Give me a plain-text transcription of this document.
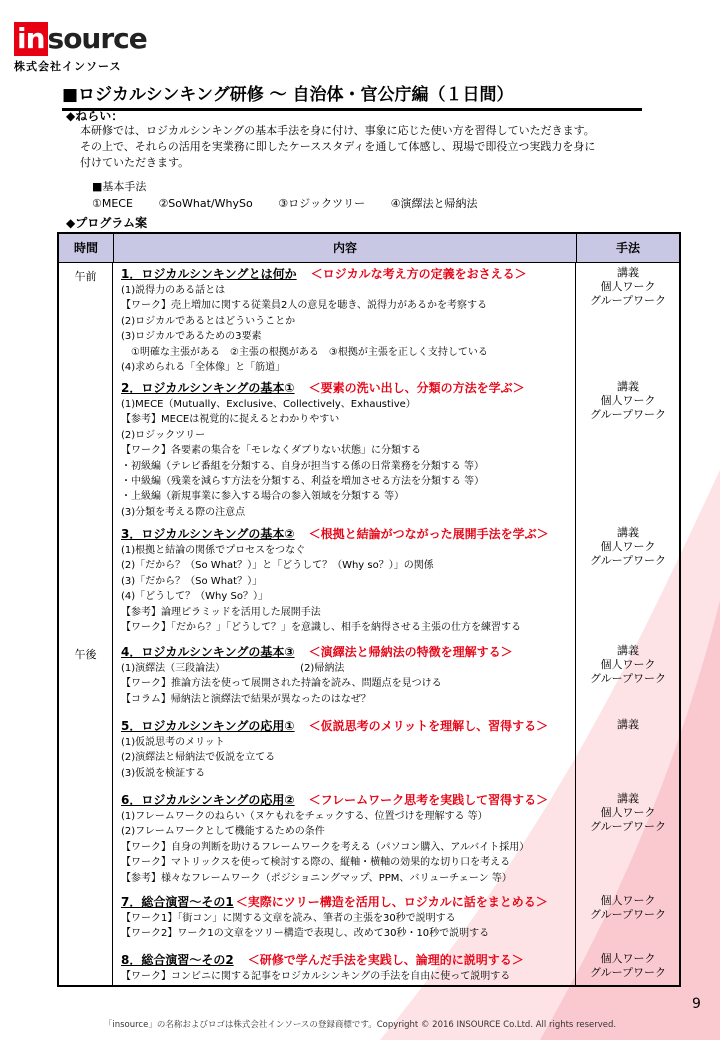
in source
株式会社インソース
■ロジカルシンキング研修 ～ 自治体・官公庁編（１日間）
◆ねらい：
本研修では、ロジカルシンキングの基本手法を身に付け、事象に応じた使い方を習得していただきます。
その上で、それらの活用を実業務に即したケーススタディを通して体感し、現場で即役立つ実践力を身に
付けていただきます。
■基本手法
①MECE ②SoWhat/WhySo ③ロジックツリー ④演繹法と帰納法
◆プログラム案
時間	内容	手法
午前
午後
1．ロジカルシンキングとは何か ＜ロジカルな考え方の定義をおさえる＞
(1)説得力のある話とは
【ワーク】売上増加に関する従業員2人の意見を聴き、説得力があるかを考察する
(2)ロジカルであるとはどういうことか
(3)ロジカルであるための3要素
　①明確な主張がある　②主張の根拠がある　③根拠が主張を正しく支持している
(4)求められる「全体像」と「筋道」
講義
個人ワーク
グループワーク
2．ロジカルシンキングの基本① ＜要素の洗い出し、分類の方法を学ぶ＞
(1)MECE（Mutually、Exclusive、Collectively、Exhaustive）
【参考】MECEは視覚的に捉えるとわかりやすい
(2)ロジックツリー
【ワーク】各要素の集合を「モレなくダブりない状態」に分類する
・初級編（テレビ番組を分類する、自身が担当する係の日常業務を分類する 等）
・中級編（残業を減らす方法を分類する、利益を増加させる方法を分類する 等）
・上級編（新規事業に参入する場合の参入領域を分類する 等）
(3)分類を考える際の注意点
講義
個人ワーク
グループワーク
3．ロジカルシンキングの基本② ＜根拠と結論がつながった展開手法を学ぶ＞
(1)根拠と結論の関係でプロセスをつなぐ
(2)「だから？（So What？）」と「どうして？（Why so？）」の関係
(3)「だから？（So What？）」
(4)「どうして？（Why So？）」
【参考】論理ピラミッドを活用した展開手法
【ワーク】「だから？」「どうして？」を意識し、相手を納得させる主張の仕方を練習する
講義
個人ワーク
グループワーク
4．ロジカルシンキングの基本③ ＜演繹法と帰納法の特徴を理解する＞
(1)演繹法（三段論法）　　　　　　　　(2)帰納法
【ワーク】推論方法を使って展開された持論を読み、問題点を見つける
【コラム】帰納法と演繹法で結果が異なったのはなぜ？
講義
個人ワーク
グループワーク
5．ロジカルシンキングの応用① ＜仮説思考のメリットを理解し、習得する＞
(1)仮説思考のメリット
(2)演繹法と帰納法で仮説を立てる
(3)仮説を検証する
講義
6．ロジカルシンキングの応用② ＜フレームワーク思考を実践して習得する＞
(1)フレームワークのねらい（ヌケもれをチェックする、位置づけを理解する 等）
(2)フレームワークとして機能するための条件
【ワーク】自身の判断を助けるフレームワークを考える（パソコン購入、アルバイト採用）
【ワーク】マトリックスを使って検討する際の、縦軸・横軸の効果的な切り口を考える
【参考】様々なフレームワーク（ポジショニングマップ、PPM、バリューチェーン 等）
講義
個人ワーク
グループワーク
7．総合演習～その1 ＜実際にツリー構造を活用し、ロジカルに話をまとめる＞
【ワーク1】「街コン」に関する文章を読み、筆者の主張を30秒で説明する
【ワーク2】ワーク1の文章をツリー構造で表現し、改めて30秒・10秒で説明する
個人ワーク
グループワーク
8．総合演習～その2 ＜研修で学んだ手法を実践し、論理的に説明する＞
【ワーク】コンビニに関する記事をロジカルシンキングの手法を自由に使って説明する
個人ワーク
グループワーク
9
「insource」の名称およびロゴは株式会社インソースの登録商標です。Copyright © 2016 INSOURCE Co.Ltd. All rights reserved.
